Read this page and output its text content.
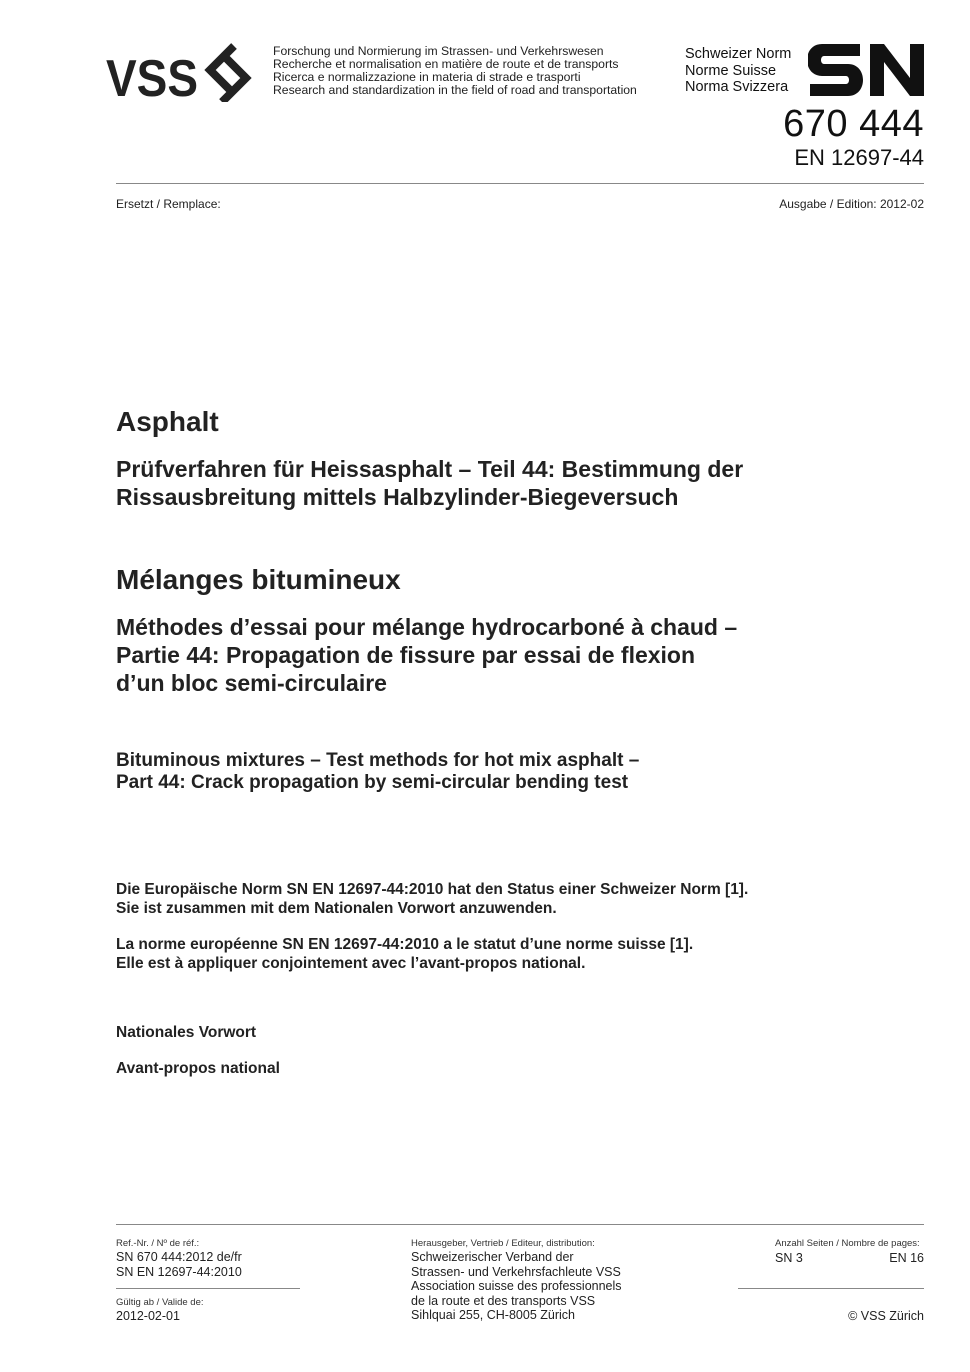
VSS	Forschung und Normierung im Strassen- und Verkehrswesen
Recherche et normalisation en matière de route et de transports
Ricerca e normalizzazione in materia di strade e trasporti
Research and standardization in the field of road and transportation
Schweizer Norm
Norme Suisse
Norma Svizzera
670 444
EN 12697-44
Ersetzt / Remplace:	Ausgabe / Edition: 2012-02
Asphalt
Prüfverfahren für Heissasphalt – Teil 44: Bestimmung der
Rissausbreitung mittels Halbzylinder-Biegeversuch
Mélanges bitumineux
Méthodes d’essai pour mélange hydrocarboné à chaud –
Partie 44: Propagation de fissure par essai de flexion
d’un bloc semi-circulaire
Bituminous mixtures – Test methods for hot mix asphalt –
Part 44: Crack propagation by semi-circular bending test
Die Europäische Norm SN EN 12697-44:2010 hat den Status einer Schweizer Norm [1].
Sie ist zusammen mit dem Nationalen Vorwort anzuwenden.
La norme européenne SN EN 12697-44:2010 a le statut d’une norme suisse [1].
Elle est à appliquer conjointement avec l’avant-propos national.
Nationales Vorwort
Avant-propos national
Ref.-Nr. / Nº de réf.:
SN 670 444:2012 de/fr
SN EN 12697-44:2010
Gültig ab / Valide de:
2012-02-01
Herausgeber, Vertrieb / Editeur, distribution:
Schweizerischer Verband der
Strassen- und Verkehrsfachleute VSS
Association suisse des professionnels
de la route et des transports VSS
Sihlquai 255, CH-8005 Zürich
Anzahl Seiten / Nombre de pages:
SN 3	EN 16
© VSS Zürich
